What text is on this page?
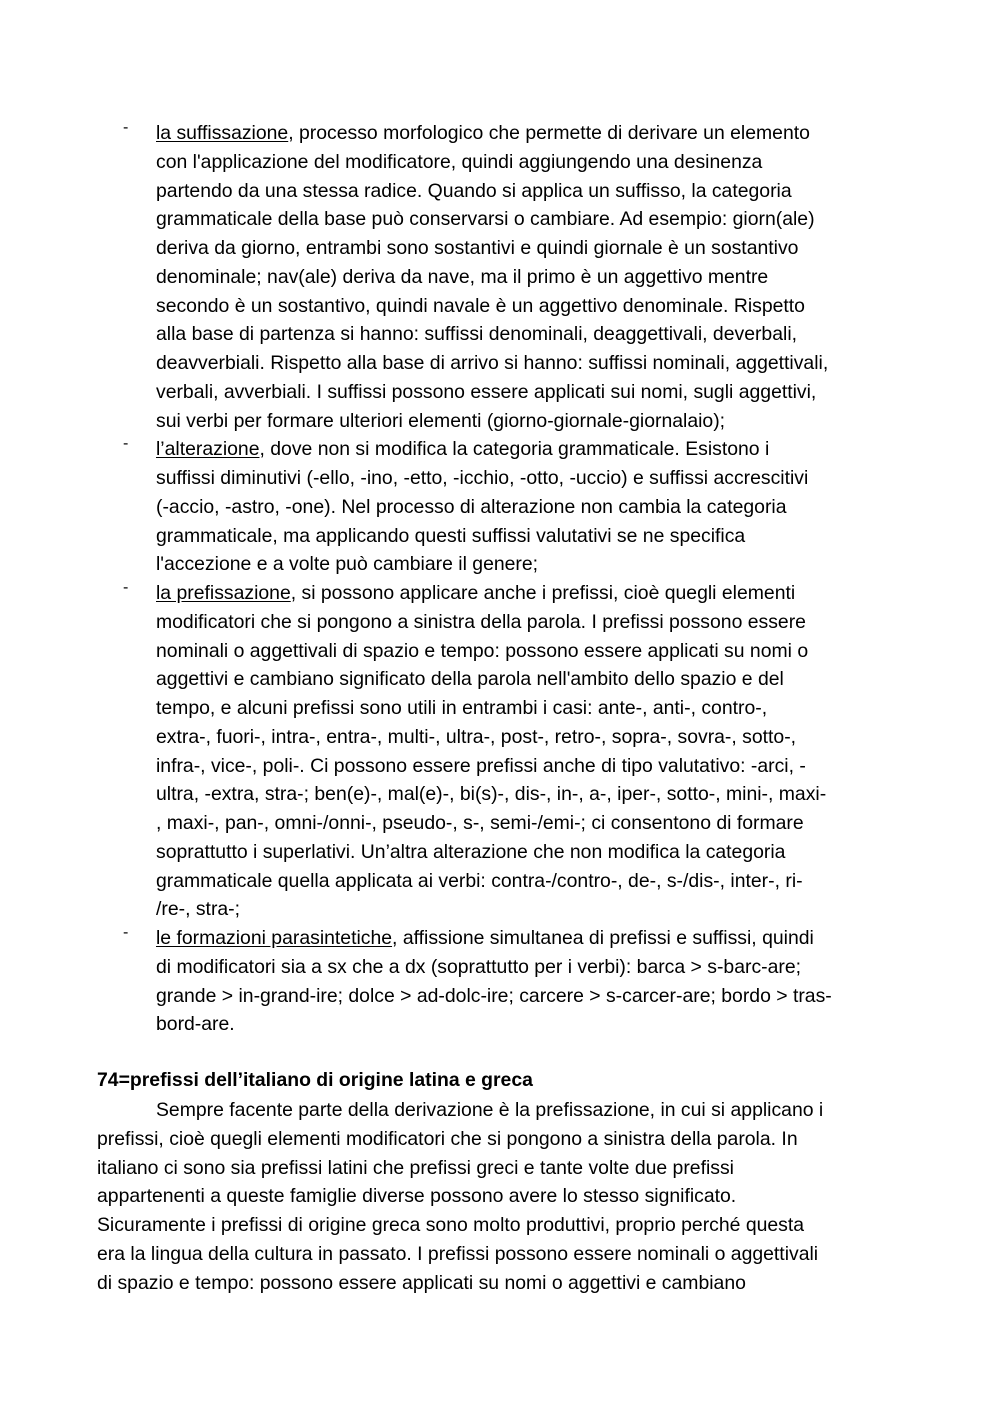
-	la suffissazione, processo morfologico che permette di derivare un elemento

con l'applicazione del modificatore, quindi aggiungendo una desinenza

partendo da una stessa radice. Quando si applica un suffisso, la categoria

grammaticale della base può conservarsi o cambiare. Ad esempio: giorn(ale)

deriva da giorno, entrambi sono sostantivi e quindi giornale è un sostantivo

denominale; nav(ale) deriva da nave, ma il primo è un aggettivo mentre

secondo è un sostantivo, quindi navale è un aggettivo denominale. Rispetto

alla base di partenza si hanno: suffissi denominali, deaggettivali, deverbali,

deavverbiali. Rispetto alla base di arrivo si hanno: suffissi nominali, aggettivali,

verbali, avverbiali. I suffissi possono essere applicati sui nomi, sugli aggettivi,

sui verbi per formare ulteriori elementi (giorno-giornale-giornalaio);

-	l’alterazione, dove non si modifica la categoria grammaticale. Esistono i

suffissi diminutivi (-ello, -ino, -etto, -icchio, -otto, -uccio) e suffissi accrescitivi

(-accio, -astro, -one). Nel processo di alterazione non cambia la categoria

grammaticale, ma applicando questi suffissi valutativi se ne specifica

l'accezione e a volte può cambiare il genere;

-	la prefissazione, si possono applicare anche i prefissi, cioè quegli elementi

modificatori che si pongono a sinistra della parola. I prefissi possono essere

nominali o aggettivali di spazio e tempo: possono essere applicati su nomi o

aggettivi e cambiano significato della parola nell'ambito dello spazio e del

tempo, e alcuni prefissi sono utili in entrambi i casi: ante-, anti-, contro-,

extra-, fuori-, intra-, entra-, multi-, ultra-, post-, retro-, sopra-, sovra-, sotto-,

infra-, vice-, poli-. Ci possono essere prefissi anche di tipo valutativo: -arci, -

ultra, -extra, stra-; ben(e)-, mal(e)-, bi(s)-, dis-, in-, a-, iper-, sotto-, mini-, maxi-

, maxi-, pan-, omni-/onni-, pseudo-, s-, semi-/emi-; ci consentono di formare

soprattutto i superlativi. Un’altra alterazione che non modifica la categoria

grammaticale quella applicata ai verbi: contra-/contro-, de-, s-/dis-, inter-, ri-

/re-, stra-;

-	le formazioni parasintetiche, affissione simultanea di prefissi e suffissi, quindi

di modificatori sia a sx che a dx (soprattutto per i verbi): barca > s-barc-are;

grande > in-grand-ire; dolce > ad-dolc-ire; carcere > s-carcer-are; bordo > tras-

bord-are.

74=prefissi dell’italiano di origine latina e greca

Sempre facente parte della derivazione è la prefissazione, in cui si applicano i

prefissi, cioè quegli elementi modificatori che si pongono a sinistra della parola. In

italiano ci sono sia prefissi latini che prefissi greci e tante volte due prefissi

appartenenti a queste famiglie diverse possono avere lo stesso significato.

Sicuramente i prefissi di origine greca sono molto produttivi, proprio perché questa

era la lingua della cultura in passato. I prefissi possono essere nominali o aggettivali

di spazio e tempo: possono essere applicati su nomi o aggettivi e cambiano
